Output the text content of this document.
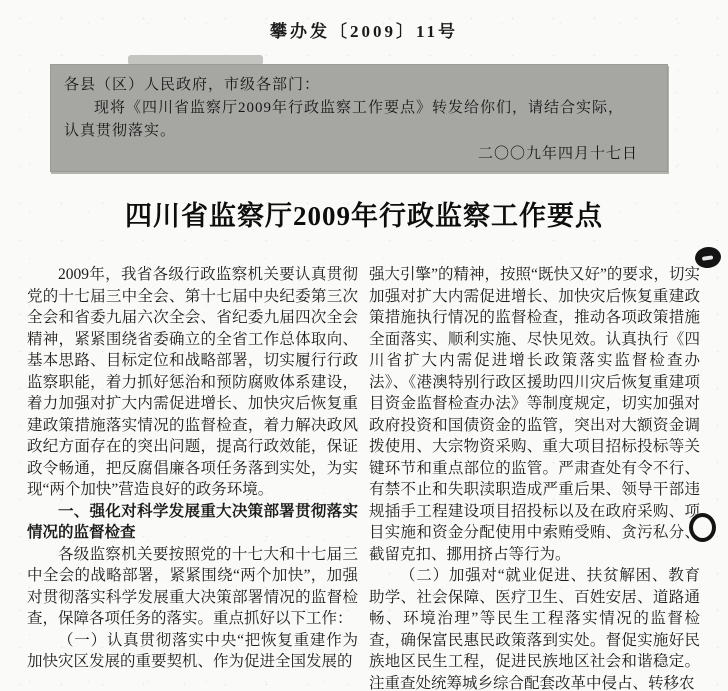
攀办发〔2009〕11号
各县（区）人民政府，市级各部门：
现将《四川省监察厅2009年行政监察工作要点》转发给你们，请结合实际，
认真贯彻落实。
二〇〇九年四月十七日
四川省监察厅2009年行政监察工作要点

2009年，我省各级行政监察机关要认真贯彻党的十七届三中全会、第十七届中央纪委第三次全会和省委九届六次全会、省纪委九届四次全会精神，紧紧围绕省委确立的全省工作总体取向、基本思路、目标定位和战略部署，切实履行行政监察职能，着力抓好惩治和预防腐败体系建设，着力加强对扩大内需促进增长、加快灾后恢复重建政策措施落实情况的监督检查，着力解决政风政纪方面存在的突出问题，提高行政效能，保证政令畅通，把反腐倡廉各项任务落到实处，为实现“两个加快”营造良好的政务环境。

一、强化对科学发展重大决策部署贯彻落实情况的监督检查

各级监察机关要按照党的十七大和十七届三中全会的战略部署，紧紧围绕“两个加快”，加强对贯彻落实科学发展重大决策部署情况的监督检查，保障各项任务的落实。重点抓好以下工作：

（一）认真贯彻落实中央“把恢复重建作为加快灾区发展的重要契机、作为促进全国发展的

强大引擎”的精神，按照“既快又好”的要求，切实加强对扩大内需促进增长、加快灾后恢复重建政策措施执行情况的监督检查，推动各项政策措施全面落实、顺利实施、尽快见效。认真执行《四川省扩大内需促进增长政策落实监督检查办法》、《港澳特别行政区援助四川灾后恢复重建项目资金监督检查办法》等制度规定，切实加强对政府投资和国债资金的监管，突出对大额资金调拨使用、大宗物资采购、重大项目招标投标等关键环节和重点部位的监管。严肃查处有令不行、有禁不止和失职渎职造成严重后果、领导干部违规插手工程建设项目招投标以及在政府采购、项目实施和资金分配使用中索贿受贿、贪污私分、截留克扣、挪用挤占等行为。

（二）加强对“就业促进、扶贫解困、教育助学、社会保障、医疗卫生、百姓安居、道路通畅、环境治理”等民生工程落实情况的监督检查，确保富民惠民政策落到实处。督促实施好民族地区民生工程，促进民族地区社会和谐稳定。注重查处统筹城乡综合配套改革中侵占、转移农
